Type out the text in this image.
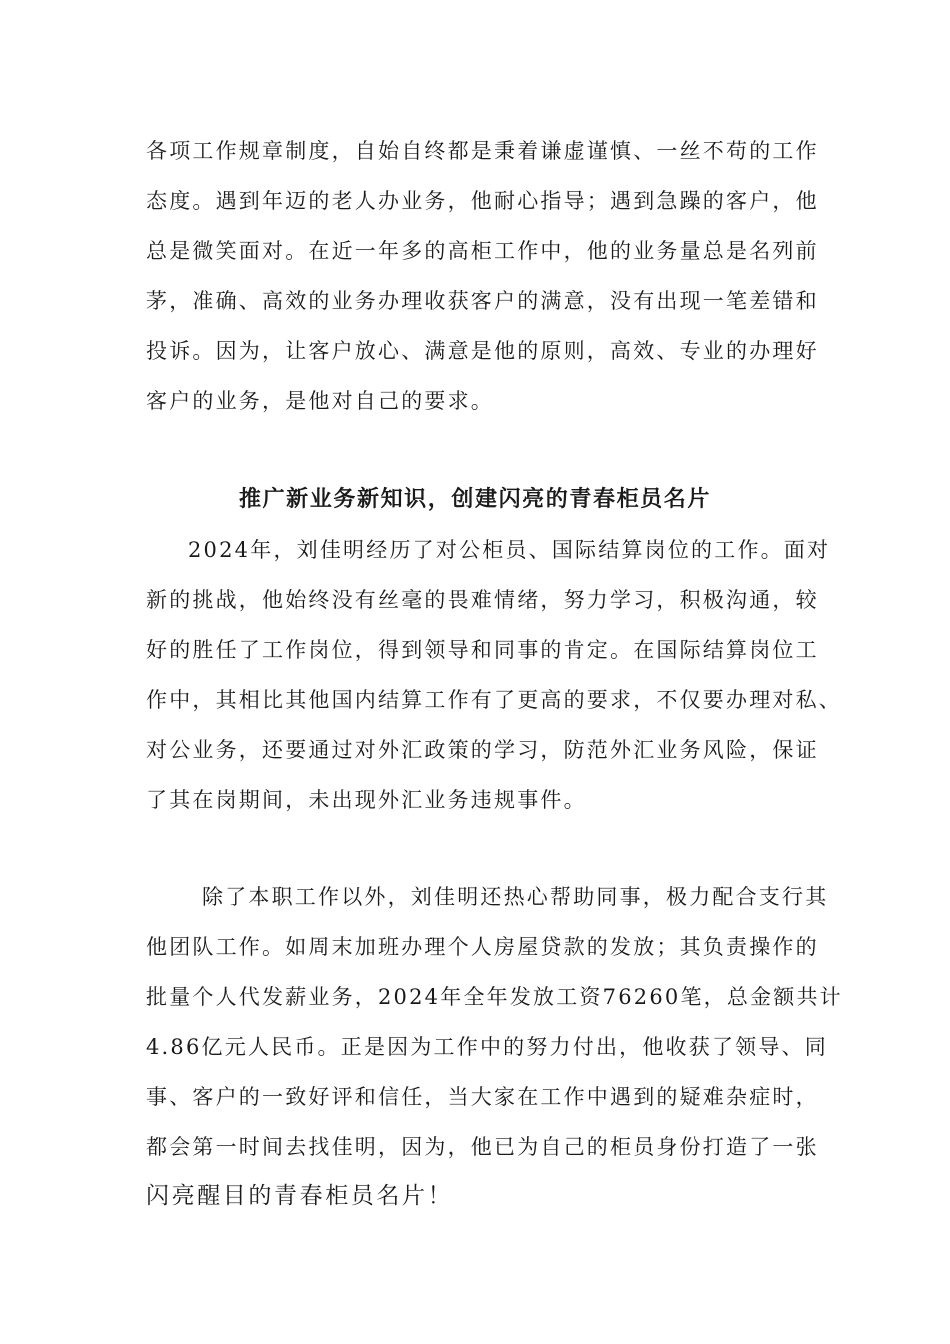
各项工作规章制度，自始自终都是秉着谦虚谨慎、一丝不苟的工作
态度。遇到年迈的老人办业务，他耐心指导；遇到急躁的客户，他
总是微笑面对。在近一年多的高柜工作中，他的业务量总是名列前
茅，准确、高效的业务办理收获客户的满意，没有出现一笔差错和
投诉。因为，让客户放心、满意是他的原则，高效、专业的办理好
客户的业务，是他对自己的要求。
推广新业务新知识，创建闪亮的青春柜员名片
2024年，刘佳明经历了对公柜员、国际结算岗位的工作。面对
新的挑战，他始终没有丝毫的畏难情绪，努力学习，积极沟通，较
好的胜任了工作岗位，得到领导和同事的肯定。在国际结算岗位工
作中，其相比其他国内结算工作有了更高的要求，不仅要办理对私、
对公业务，还要通过对外汇政策的学习，防范外汇业务风险，保证
了其在岗期间，未出现外汇业务违规事件。
除了本职工作以外，刘佳明还热心帮助同事，极力配合支行其
他团队工作。如周末加班办理个人房屋贷款的发放；其负责操作的
批量个人代发薪业务，2024年全年发放工资76260笔，总金额共计
4.86亿元人民币。正是因为工作中的努力付出，他收获了领导、同
事、客户的一致好评和信任，当大家在工作中遇到的疑难杂症时，
都会第一时间去找佳明，因为，他已为自己的柜员身份打造了一张
闪亮醒目的青春柜员名片！
